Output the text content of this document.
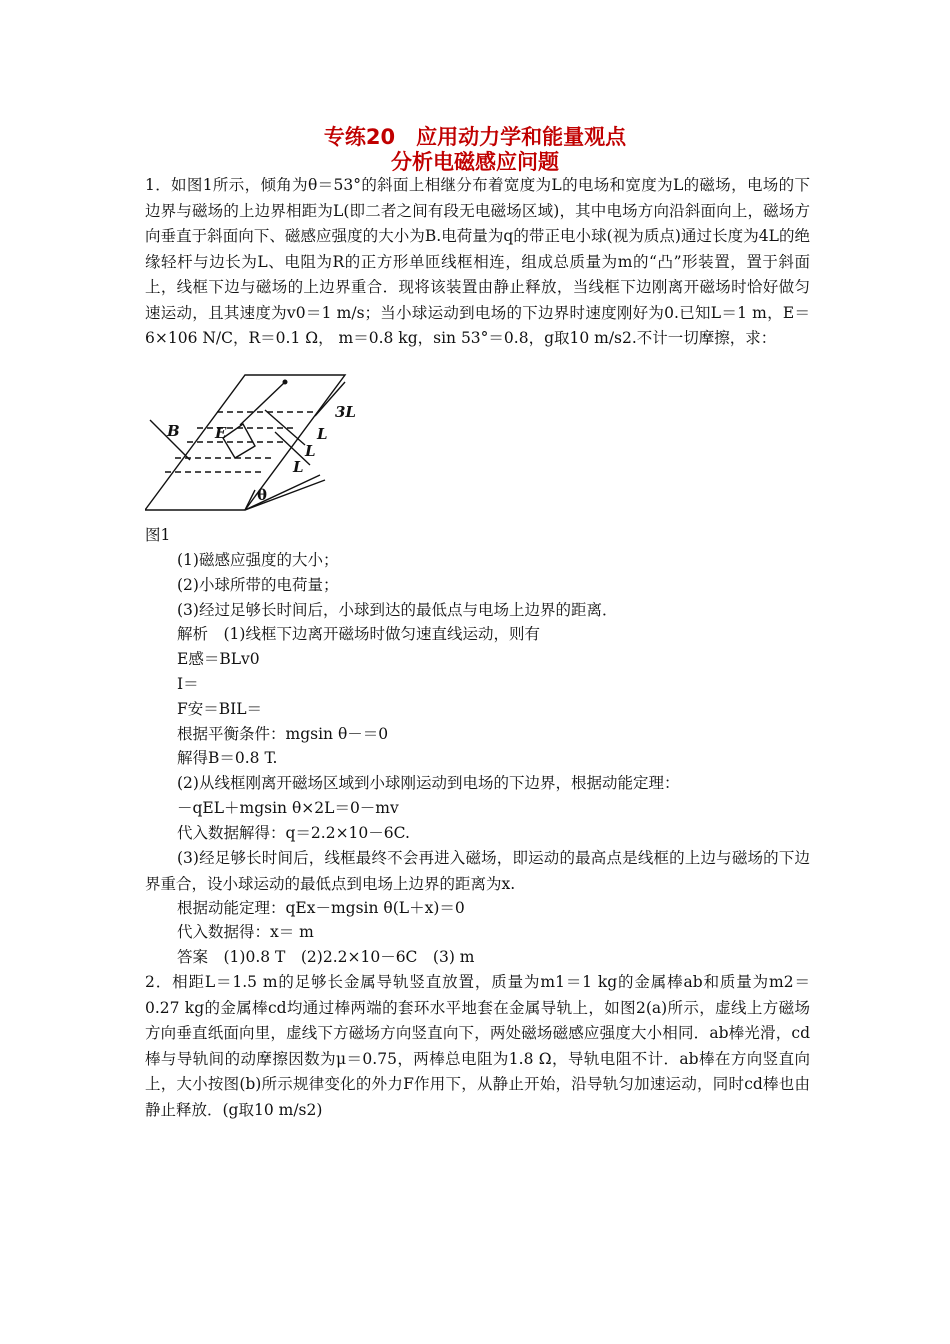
专练20　应用动力学和能量观点
分析电磁感应问题
1．如图1所示，倾角为θ＝53°的斜面上相继分布着宽度为L的电场和宽度为L的磁场，电场的下边界与磁场的上边界相距为L(即二者之间有段无电磁场区域)，其中电场方向沿斜面向上，磁场方向垂直于斜面向下、磁感应强度的大小为B.电荷量为q的带正电小球(视为质点)通过长度为4L的绝缘轻杆与边长为L、电阻为R的正方形单匝线框相连，组成总质量为m的“凸”形装置，置于斜面上，线框下边与磁场的上边界重合．现将该装置由静止释放，当线框下边刚离开磁场时恰好做匀速运动，且其速度为v0＝1 m/s；当小球运动到电场的下边界时速度刚好为0.已知L＝1 m，E＝6×106 N/C，R＝0.1 Ω， m＝0.8 kg，sin 53°＝0.8，g取10 m/s2.不计一切摩擦，求：
B E
3L
L
L
L
θ
图1
(1)磁感应强度的大小；
(2)小球所带的电荷量；
(3)经过足够长时间后，小球到达的最低点与电场上边界的距离．
解析　(1)线框下边离开磁场时做匀速直线运动，则有
E感＝BLv0
I＝
F安＝BIL＝
根据平衡条件：mgsin θ－＝0
解得B＝0.8 T.
(2)从线框刚离开磁场区域到小球刚运动到电场的下边界，根据动能定理：
－qEL＋mgsin θ×2L＝0－mv
代入数据解得：q＝2.2×10－6C.
(3)经足够长时间后，线框最终不会再进入磁场，即运动的最高点是线框的上边与磁场的下边界重合，设小球运动的最低点到电场上边界的距离为x.
根据动能定理：qEx－mgsin θ(L＋x)＝0
代入数据得：x＝ m
答案　(1)0.8 T　(2)2.2×10－6C　(3) m
2．相距L＝1.5 m的足够长金属导轨竖直放置，质量为m1＝1 kg的金属棒ab和质量为m2＝0.27 kg的金属棒cd均通过棒两端的套环水平地套在金属导轨上，如图2(a)所示，虚线上方磁场方向垂直纸面向里，虚线下方磁场方向竖直向下，两处磁场磁感应强度大小相同．ab棒光滑，cd棒与导轨间的动摩擦因数为μ＝0.75，两棒总电阻为1.8 Ω，导轨电阻不计．ab棒在方向竖直向上，大小按图(b)所示规律变化的外力F作用下，从静止开始，沿导轨匀加速运动，同时cd棒也由静止释放．(g取10 m/s2)
